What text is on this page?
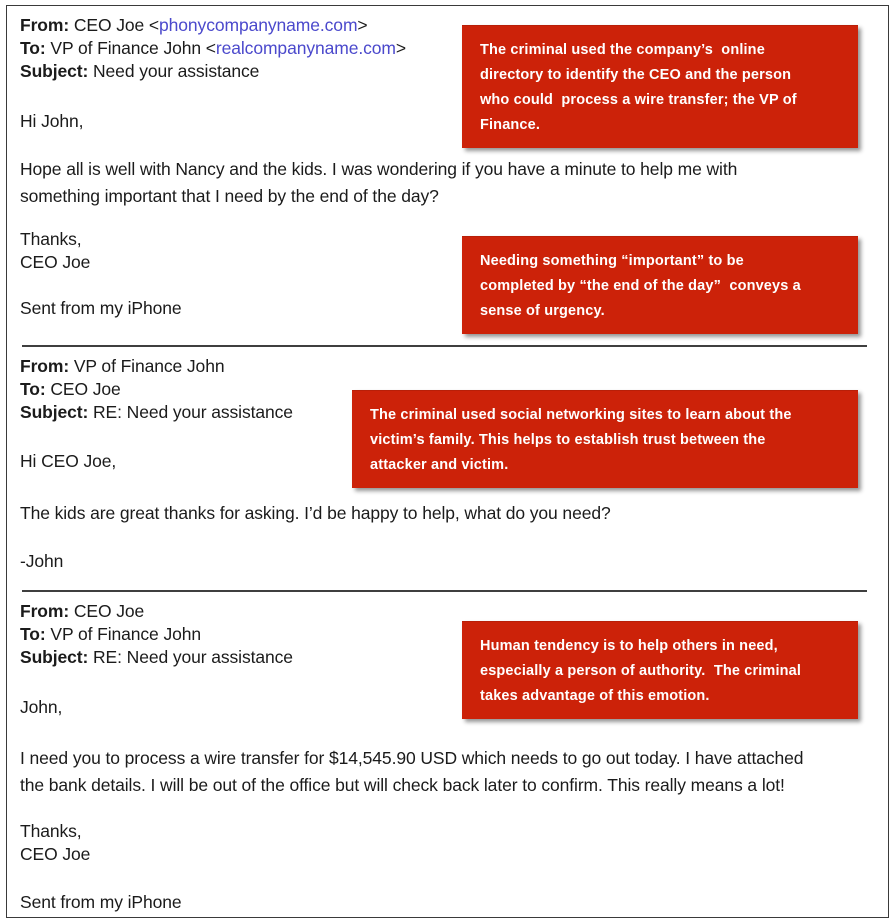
From: CEO Joe <phonycompanyname.com>
To: VP of Finance John <realcompanyname.com>
Subject: Need your assistance
Hi John,
Hope all is well with Nancy and the kids. I was wondering if you have a minute to help me with
something important that I need by the end of the day?
Thanks,
CEO Joe
Sent from my iPhone
The criminal used the company’s  online
directory to identify the CEO and the person
who could  process a wire transfer; the VP of
Finance.
Needing something “important” to be
completed by “the end of the day”  conveys a
sense of urgency.
From: VP of Finance John
To: CEO Joe
Subject: RE: Need your assistance
Hi CEO Joe,
The kids are great thanks for asking. I’d be happy to help, what do you need?
-John
The criminal used social networking sites to learn about the
victim’s family. This helps to establish trust between the
attacker and victim.
From: CEO Joe
To: VP of Finance John
Subject: RE: Need your assistance
John,
I need you to process a wire transfer for $14,545.90 USD which needs to go out today. I have attached
the bank details. I will be out of the office but will check back later to confirm. This really means a lot!
Thanks,
CEO Joe
Sent from my iPhone
Human tendency is to help others in need,
especially a person of authority.  The criminal
takes advantage of this emotion.
